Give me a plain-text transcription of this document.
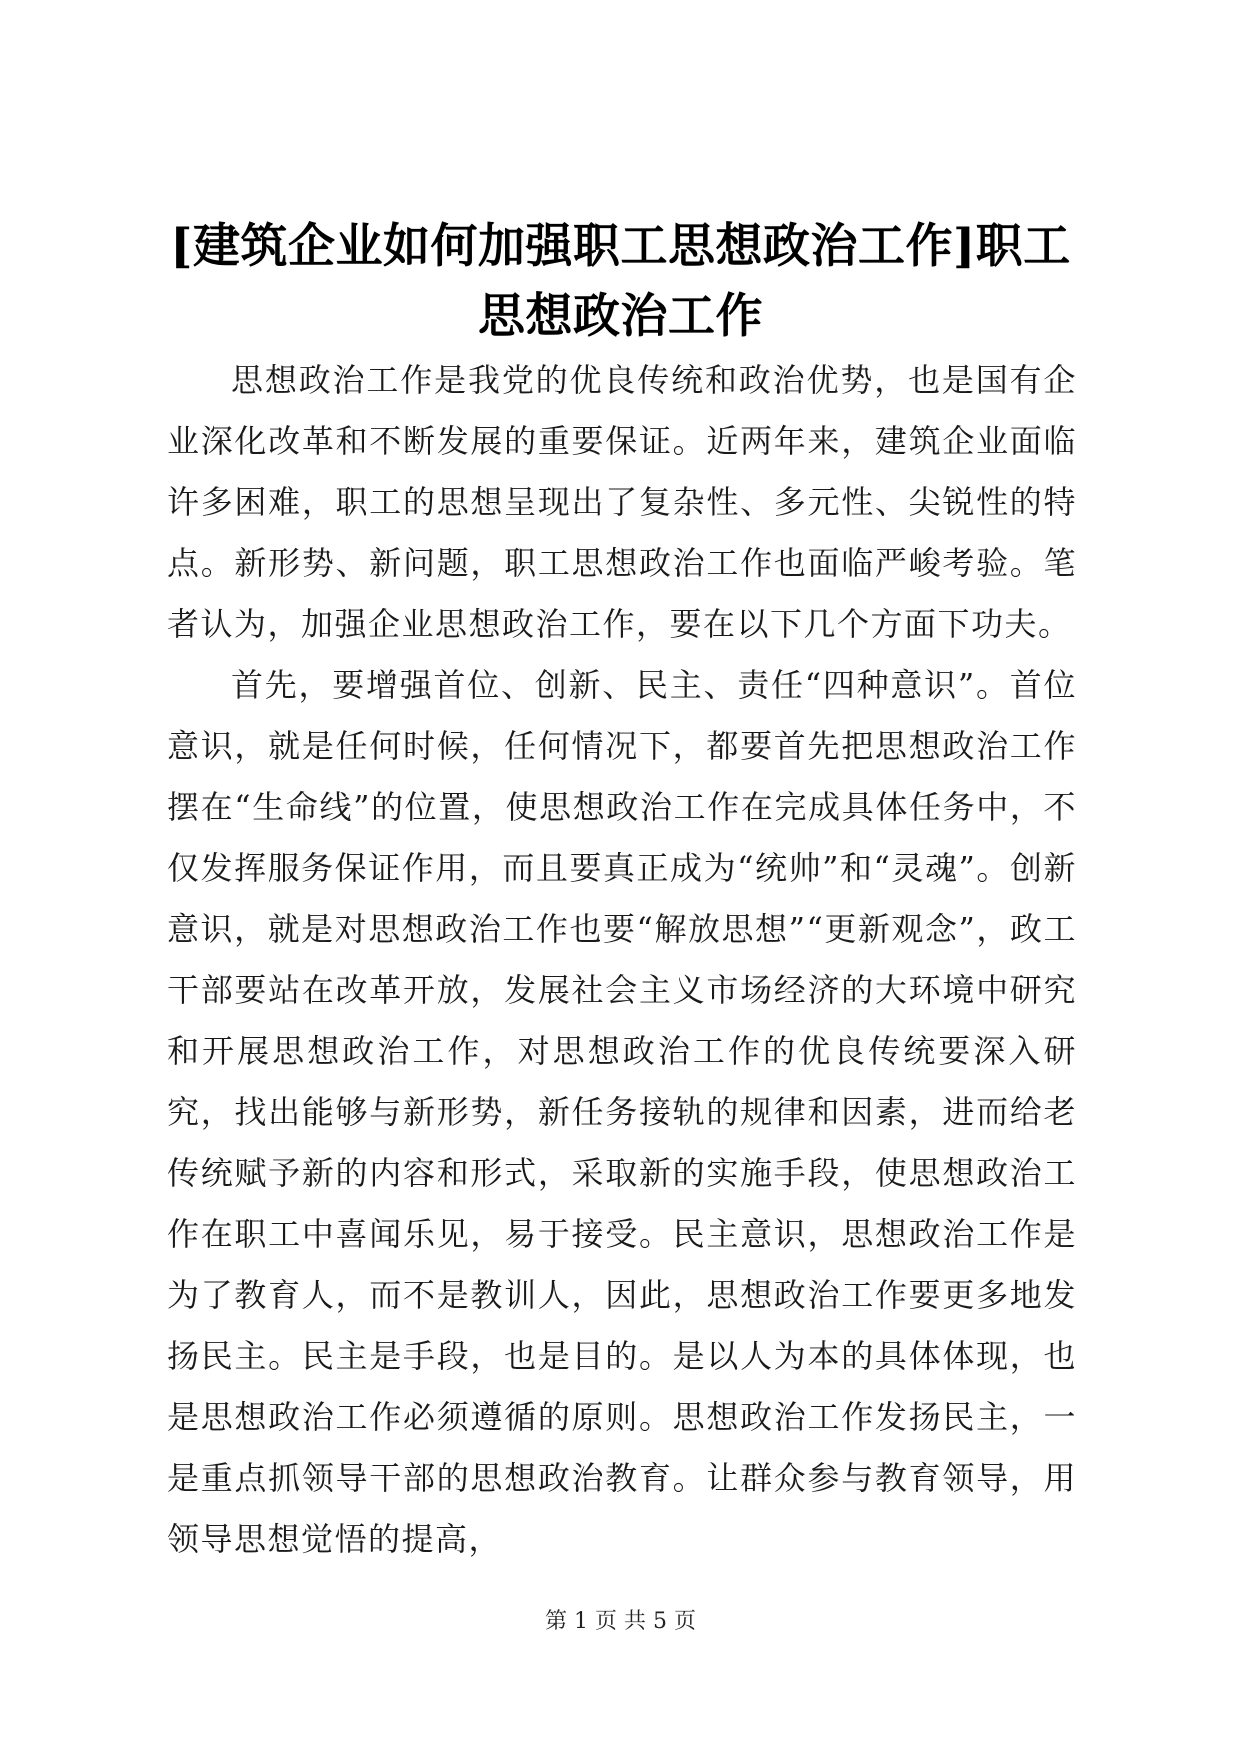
[建筑企业如何加强职工思想政治工作]职工思想政治工作

思想政治工作是我党的优良传统和政治优势，也是国有企业深化改革和不断发展的重要保证。近两年来，建筑企业面临许多困难，职工的思想呈现出了复杂性、多元性、尖锐性的特点。新形势、新问题，职工思想政治工作也面临严峻考验。笔者认为，加强企业思想政治工作，要在以下几个方面下功夫。

首先，要增强首位、创新、民主、责任“四种意识”。首位意识，就是任何时候，任何情况下，都要首先把思想政治工作摆在“生命线”的位置，使思想政治工作在完成具体任务中，不仅发挥服务保证作用，而且要真正成为“统帅”和“灵魂”。创新意识，就是对思想政治工作也要“解放思想”“更新观念”，政工干部要站在改革开放，发展社会主义市场经济的大环境中研究和开展思想政治工作，对思想政治工作的优良传统要深入研究，找出能够与新形势，新任务接轨的规律和因素，进而给老传统赋予新的内容和形式，采取新的实施手段，使思想政治工作在职工中喜闻乐见，易于接受。民主意识，思想政治工作是为了教育人，而不是教训人，因此，思想政治工作要更多地发扬民主。民主是手段，也是目的。是以人为本的具体体现，也是思想政治工作必须遵循的原则。思想政治工作发扬民主，一是重点抓领导干部的思想政治教育。让群众参与教育领导，用领导思想觉悟的提高，

第 1 页 共 5 页
